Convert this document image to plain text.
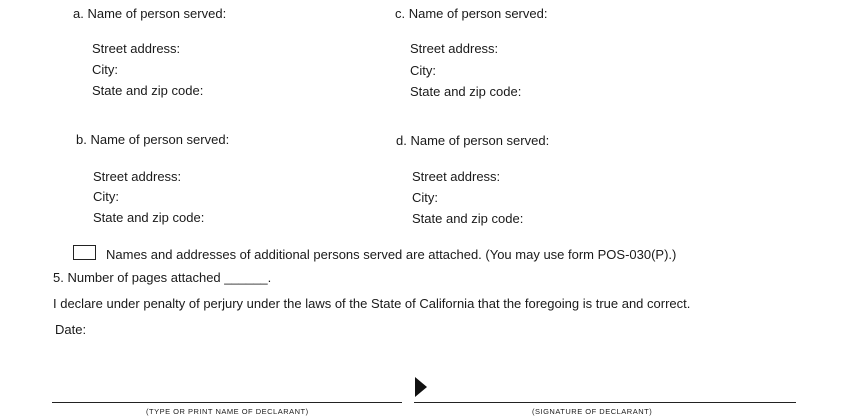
a. Name of person served:
Street address:
City:
State and zip code:
c. Name of person served:
Street address:
City:
State and zip code:
b. Name of person served:
Street address:
City:
State and zip code:
d. Name of person served:
Street address:
City:
State and zip code:
Names and addresses of additional persons served are attached. (You may use form POS-030(P).)
5. Number of pages attached ______.
I declare under penalty of perjury under the laws of the State of California that the foregoing is true and correct.
Date:
(TYPE OR PRINT NAME OF DECLARANT)	(SIGNATURE OF DECLARANT)
